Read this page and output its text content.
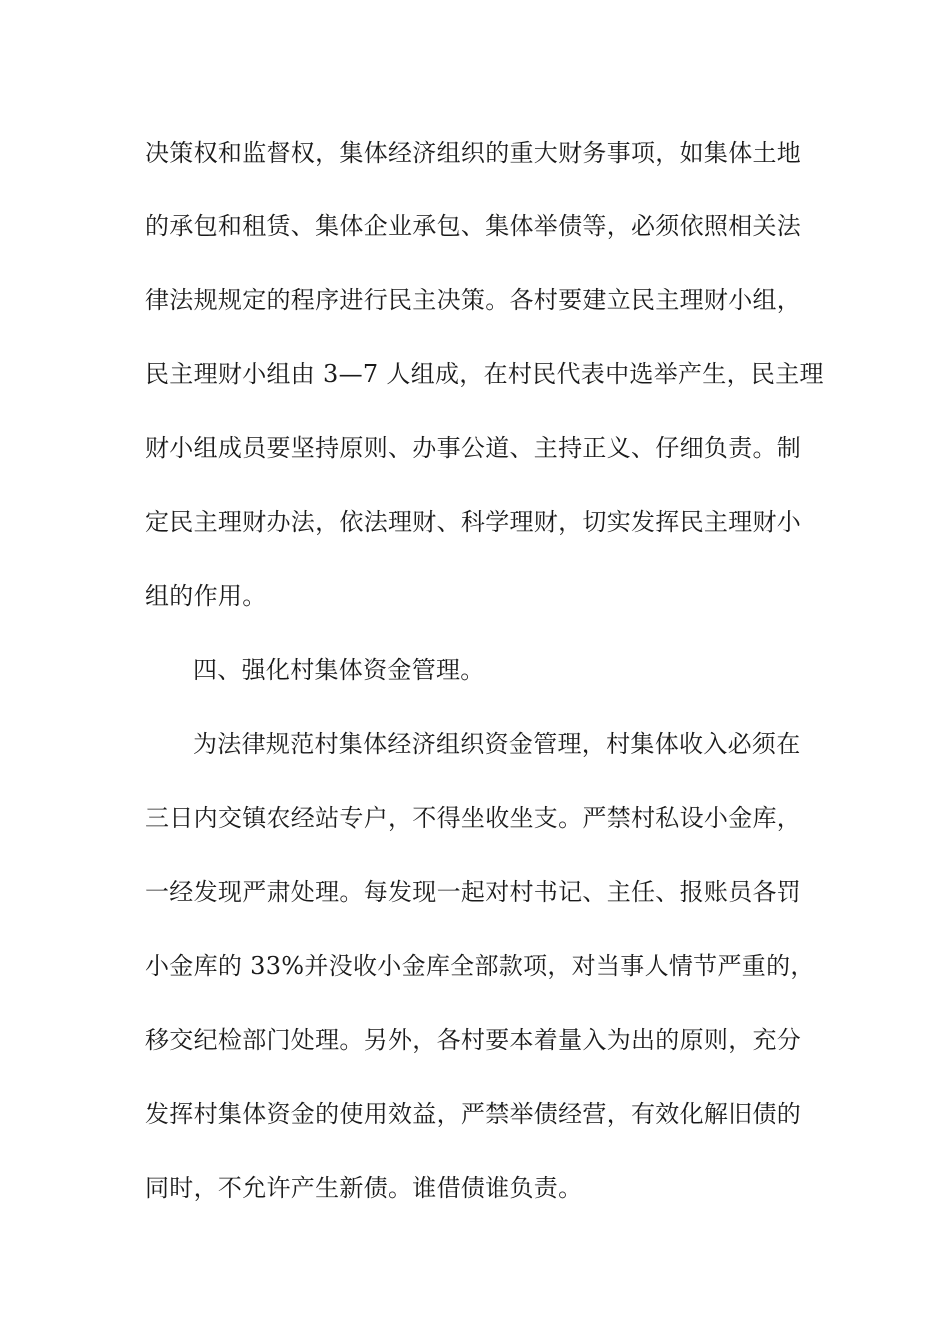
决策权和监督权，集体经济组织的重大财务事项，如集体土地
的承包和租赁、集体企业承包、集体举债等，必须依照相关法
律法规规定的程序进行民主决策。各村要建立民主理财小组，
民主理财小组由 3—7 人组成，在村民代表中选举产生，民主理
财小组成员要坚持原则、办事公道、主持正义、仔细负责。制
定民主理财办法，依法理财、科学理财，切实发挥民主理财小
组的作用。
四、强化村集体资金管理。
为法律规范村集体经济组织资金管理，村集体收入必须在
三日内交镇农经站专户，不得坐收坐支。严禁村私设小金库，
一经发现严肃处理。每发现一起对村书记、主任、报账员各罚
小金库的 33%并没收小金库全部款项，对当事人情节严重的，
移交纪检部门处理。另外，各村要本着量入为出的原则，充分
发挥村集体资金的使用效益，严禁举债经营，有效化解旧债的
同时，不允许产生新债。谁借债谁负责。
